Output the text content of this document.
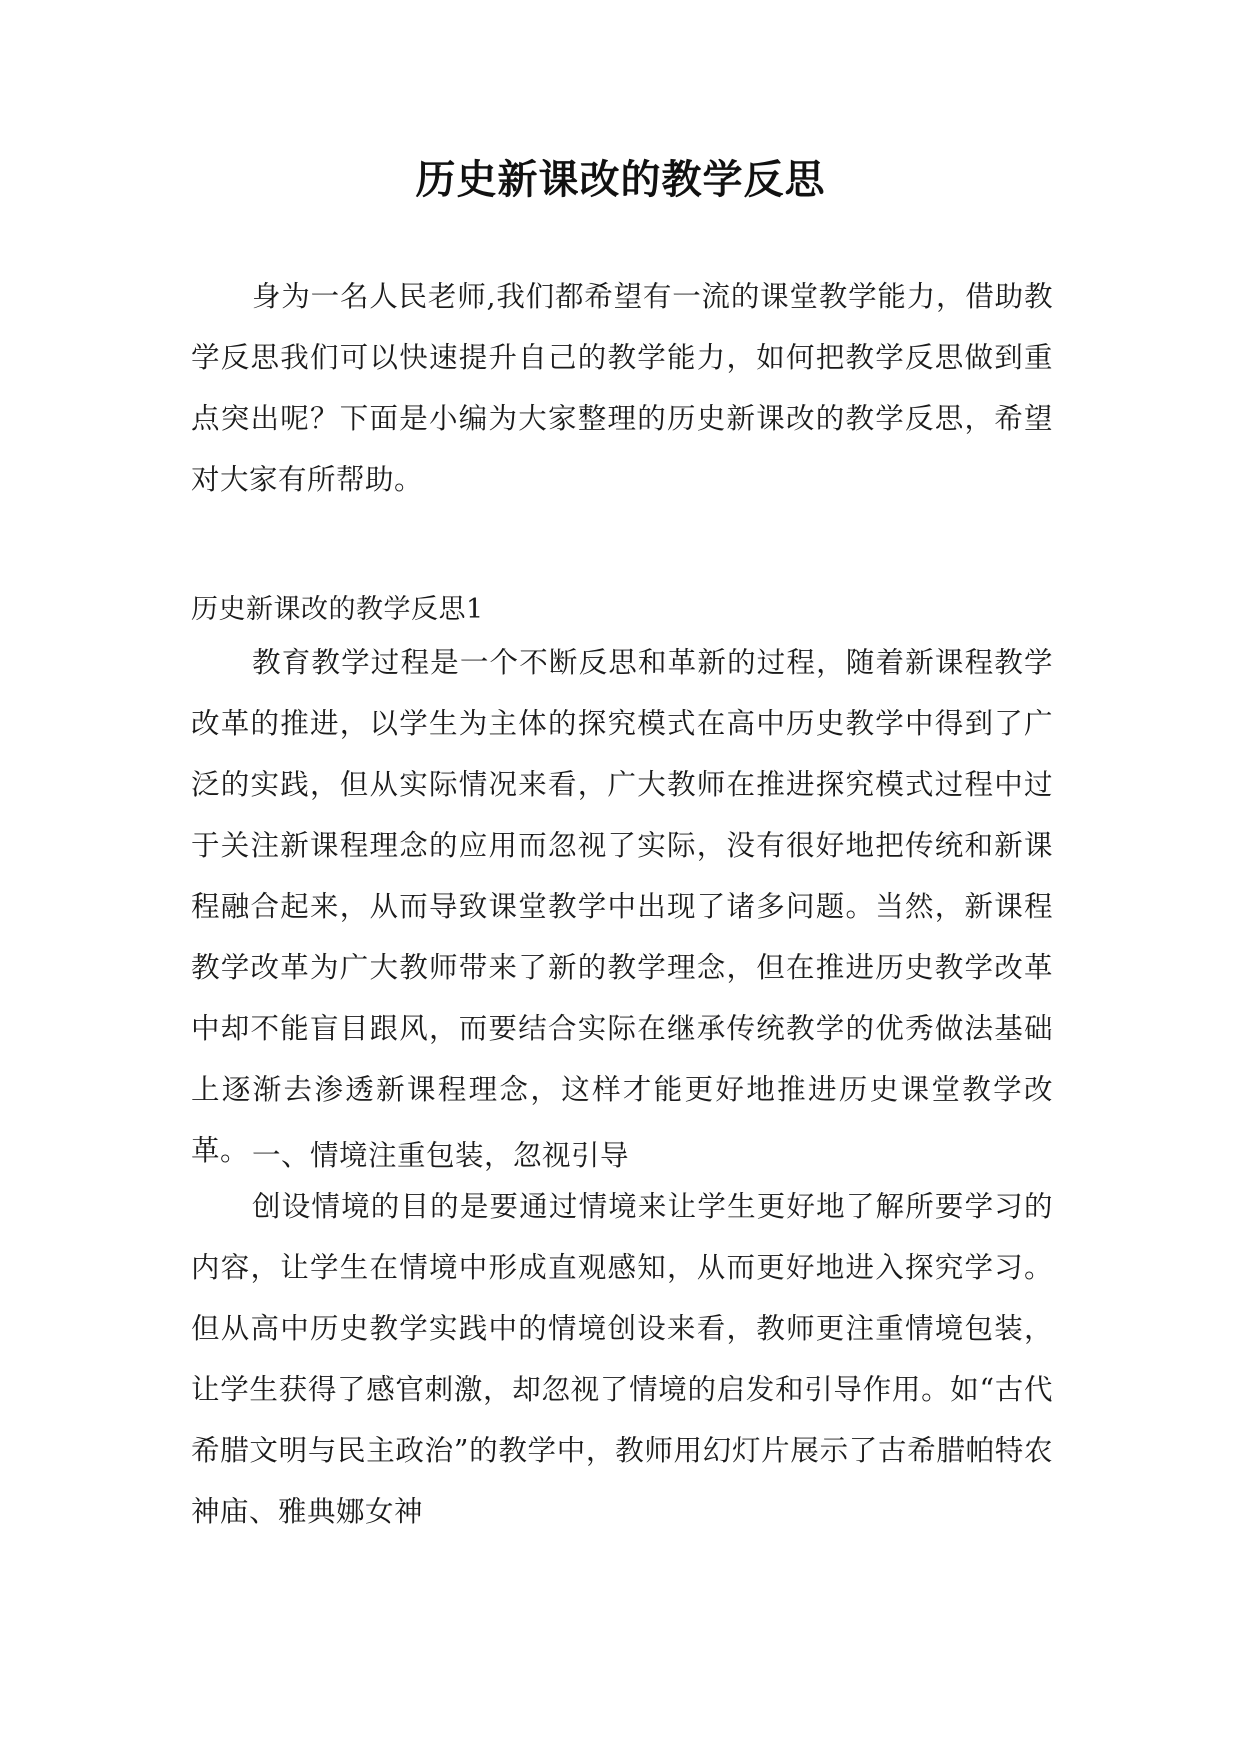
历史新课改的教学反思

身为一名人民老师,我们都希望有一流的课堂教学能力，借助教学反思我们可以快速提升自己的教学能力，如何把教学反思做到重点突出呢？下面是小编为大家整理的历史新课改的教学反思，希望对大家有所帮助。

历史新课改的教学反思1

教育教学过程是一个不断反思和革新的过程，随着新课程教学改革的推进，以学生为主体的探究模式在高中历史教学中得到了广泛的实践，但从实际情况来看，广大教师在推进探究模式过程中过于关注新课程理念的应用而忽视了实际，没有很好地把传统和新课程融合起来，从而导致课堂教学中出现了诸多问题。当然，新课程教学改革为广大教师带来了新的教学理念，但在推进历史教学改革中却不能盲目跟风，而要结合实际在继承传统教学的优秀做法基础上逐渐去渗透新课程理念，这样才能更好地推进历史课堂教学改革。 一、情境注重包装，忽视引导

创设情境的目的是要通过情境来让学生更好地了解所要学习的内容，让学生在情境中形成直观感知，从而更好地进入探究学习。但从高中历史教学实践中的情境创设来看，教师更注重情境包装，让学生获得了感官刺激，却忽视了情境的启发和引导作用。如“古代希腊文明与民主政治”的教学中，教师用幻灯片展示了古希腊帕特农神庙、雅典娜女神
